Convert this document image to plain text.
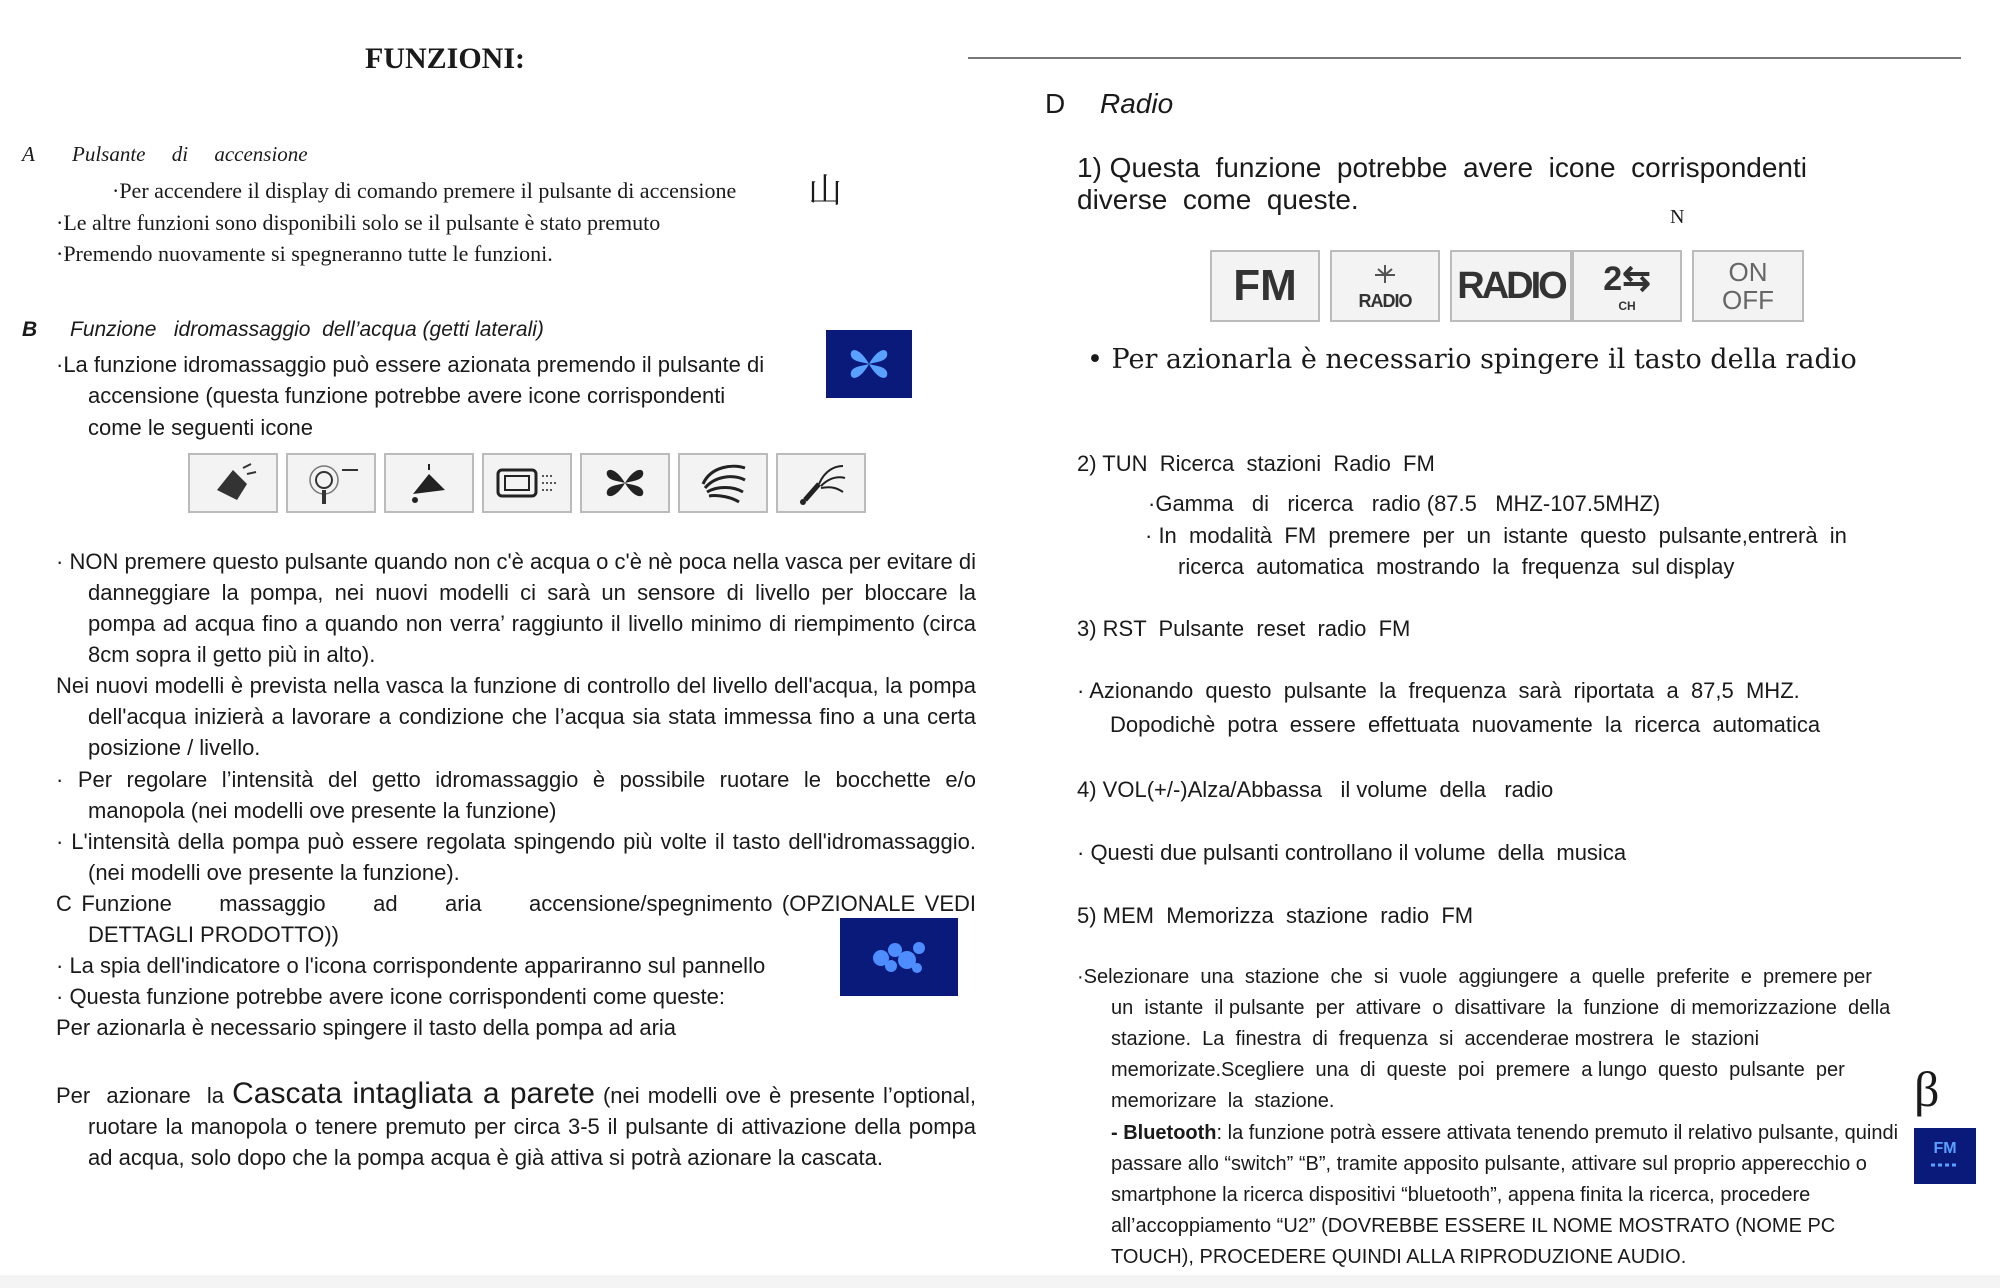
FUNZIONI:
A Pulsante     di     accensione
·Per accendere il display di comando premere il pulsante di accensione 山
·Le altre funzioni sono disponibili solo se il pulsante è stato premuto
·Premendo nuovamente si spegneranno tutte le funzioni.
B Funzione   idromassaggio  dell’acqua (getti laterali)
·La funzione idromassaggio può essere azionata premendo il pulsante di
accensione (questa funzione potrebbe avere icone corrispondenti
come le seguenti icone
· NON premere questo pulsante quando non c'è acqua o c'è nè poca nella vasca per evitare di danneggiare la pompa, nei nuovi modelli ci sarà un sensore di livello per bloccare la pompa ad acqua fino a quando non verra’ raggiunto il livello minimo di riempimento (circa 8cm sopra il getto più in alto).
Nei nuovi modelli è prevista nella vasca la funzione di controllo del livello dell'acqua, la pompa dell'acqua inizierà a lavorare a condizione che l’acqua sia stata immessa fino a una certa posizione / livello.
· Per regolare l’intensità del getto idromassaggio è possibile ruotare le bocchette e/o manopola (nei modelli ove presente la funzione)
· L'intensità della pompa può essere regolata spingendo più volte il tasto dell'idromassaggio.(nei modelli ove presente la funzione).
C Funzione     massaggio     ad     aria     accensione/spegnimento (OPZIONALE VEDI DETTAGLI PRODOTTO))
· La spia dell'indicatore o l'icona corrispondente appariranno sul pannello
· Questa funzione potrebbe avere icone corrispondenti come queste:
Per azionarla è necessario spingere il tasto della pompa ad aria
Per  azionare  la Cascata intagliata a parete (nei modelli ove è presente l’optional, ruotare la manopola o tenere premuto per circa 3-5 il pulsante di attivazione della pompa ad acqua, solo dopo che la pompa acqua è già attiva si potrà azionare la cascata.
D Radio
1) Questa  funzione  potrebbe  avere  icone  corrispondenti diverse  come  queste.
N
FM	RADIO RADIO 2⇆
CH
ON
OFF
• Per azionarla è necessario spingere il tasto della radio
2) TUN  Ricerca  stazioni  Radio  FM
·Gamma   di   ricerca   radio (87.5   MHZ-107.5MHZ)
· In  modalità  FM  premere  per  un  istante  questo  pulsante,entrerà  in
ricerca  automatica  mostrando  la  frequenza  sul display
3) RST  Pulsante  reset  radio  FM
· Azionando  questo  pulsante  la  frequenza  sarà  riportata  a  87,5  MHZ.
Dopodichè  potra  essere  effettuata  nuovamente  la  ricerca  automatica
4) VOL(+/-)Alza/Abbassa   il volume  della   radio
· Questi due pulsanti controllano il volume  della  musica
5) MEM  Memorizza  stazione  radio  FM
·Selezionare  una  stazione  che  si  vuole  aggiungere  a  quelle  preferite  e  premere per  un  istante  il pulsante  per  attivare  o  disattivare  la  funzione  di memorizzazione  della  stazione.  La  finestra  di  frequenza  si  accenderae mostrera  le  stazioni  memorizate.Scegliere  una  di  queste  poi  premere  a lungo  questo  pulsante  per  memorizare  la  stazione.	β
- Bluetooth: la funzione potrà essere attivata tenendo premuto il relativo pulsante, quindi passare allo “switch” “B”, tramite apposito pulsante, attivare sul proprio apperecchio o smartphone la ricerca dispositivi “bluetooth”, appena finita la ricerca, procedere all’accoppiamento “U2” (DOVREBBE ESSERE IL NOME MOSTRATO (NOME PC TOUCH), PROCEDERE QUINDI ALLA RIPRODUZIONE AUDIO.
FM
